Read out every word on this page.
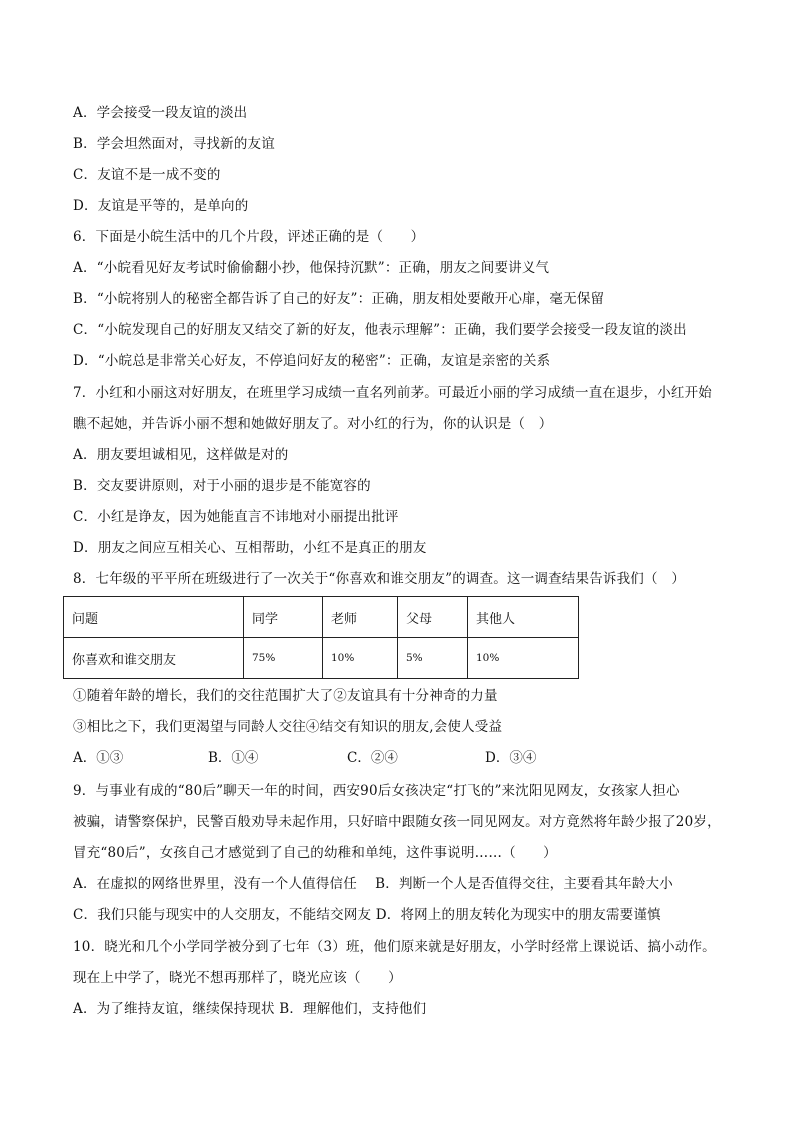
A．学会接受一段友谊的淡出
B．学会坦然面对，寻找新的友谊
C．友谊不是一成不变的
D．友谊是平等的，是单向的
6．下面是小皖生活中的几个片段，评述正确的是（　　）
A．“小皖看见好友考试时偷偷翻小抄，他保持沉默”：正确，朋友之间要讲义气
B．“小皖将别人的秘密全都告诉了自己的好友”：正确，朋友相处要敞开心扉，毫无保留
C．“小皖发现自己的好朋友又结交了新的好友，他表示理解”：正确，我们要学会接受一段友谊的淡出
D．“小皖总是非常关心好友，不停追问好友的秘密”：正确，友谊是亲密的关系
7．小红和小丽这对好朋友，在班里学习成绩一直名列前茅。可最近小丽的学习成绩一直在退步，小红开始
瞧不起她，并告诉小丽不想和她做好朋友了。对小红的行为，你的认识是（　）
A．朋友要坦诚相见，这样做是对的
B．交友要讲原则，对于小丽的退步是不能宽容的
C．小红是诤友，因为她能直言不讳地对小丽提出批评
D．朋友之间应互相关心、互相帮助，小红不是真正的朋友
8．七年级的平平所在班级进行了一次关于“你喜欢和谁交朋友”的调查。这一调查结果告诉我们（　）
问题	同学	老师	父母	其他人
你喜欢和谁交朋友	75%	10%	5%	10%
①随着年龄的增长，我们的交往范围扩大了②友谊具有十分神奇的力量
③相比之下，我们更渴望与同龄人交往④结交有知识的朋友,会使人受益
A．①③	B．①④	C．②④	D．③④
9．与事业有成的“80后”聊天一年的时间，西安90后女孩决定“打飞的”来沈阳见网友，女孩家人担心
被骗，请警察保护，民警百般劝导未起作用，只好暗中跟随女孩一同见网友。对方竟然将年龄少报了20岁，
冒充“80后”，女孩自己才感觉到了自己的幼稚和单纯，这件事说明……（　　）
A．在虚拟的网络世界里，没有一个人值得信任　 B．判断一个人是否值得交往，主要看其年龄大小
C．我们只能与现实中的人交朋友，不能结交网友 D．将网上的朋友转化为现实中的朋友需要谨慎
10．晓光和几个小学同学被分到了七年（3）班，他们原来就是好朋友，小学时经常上课说话、搞小动作。
现在上中学了，晓光不想再那样了，晓光应该（　　）
A．为了维持友谊，继续保持现状 B．理解他们，支持他们
